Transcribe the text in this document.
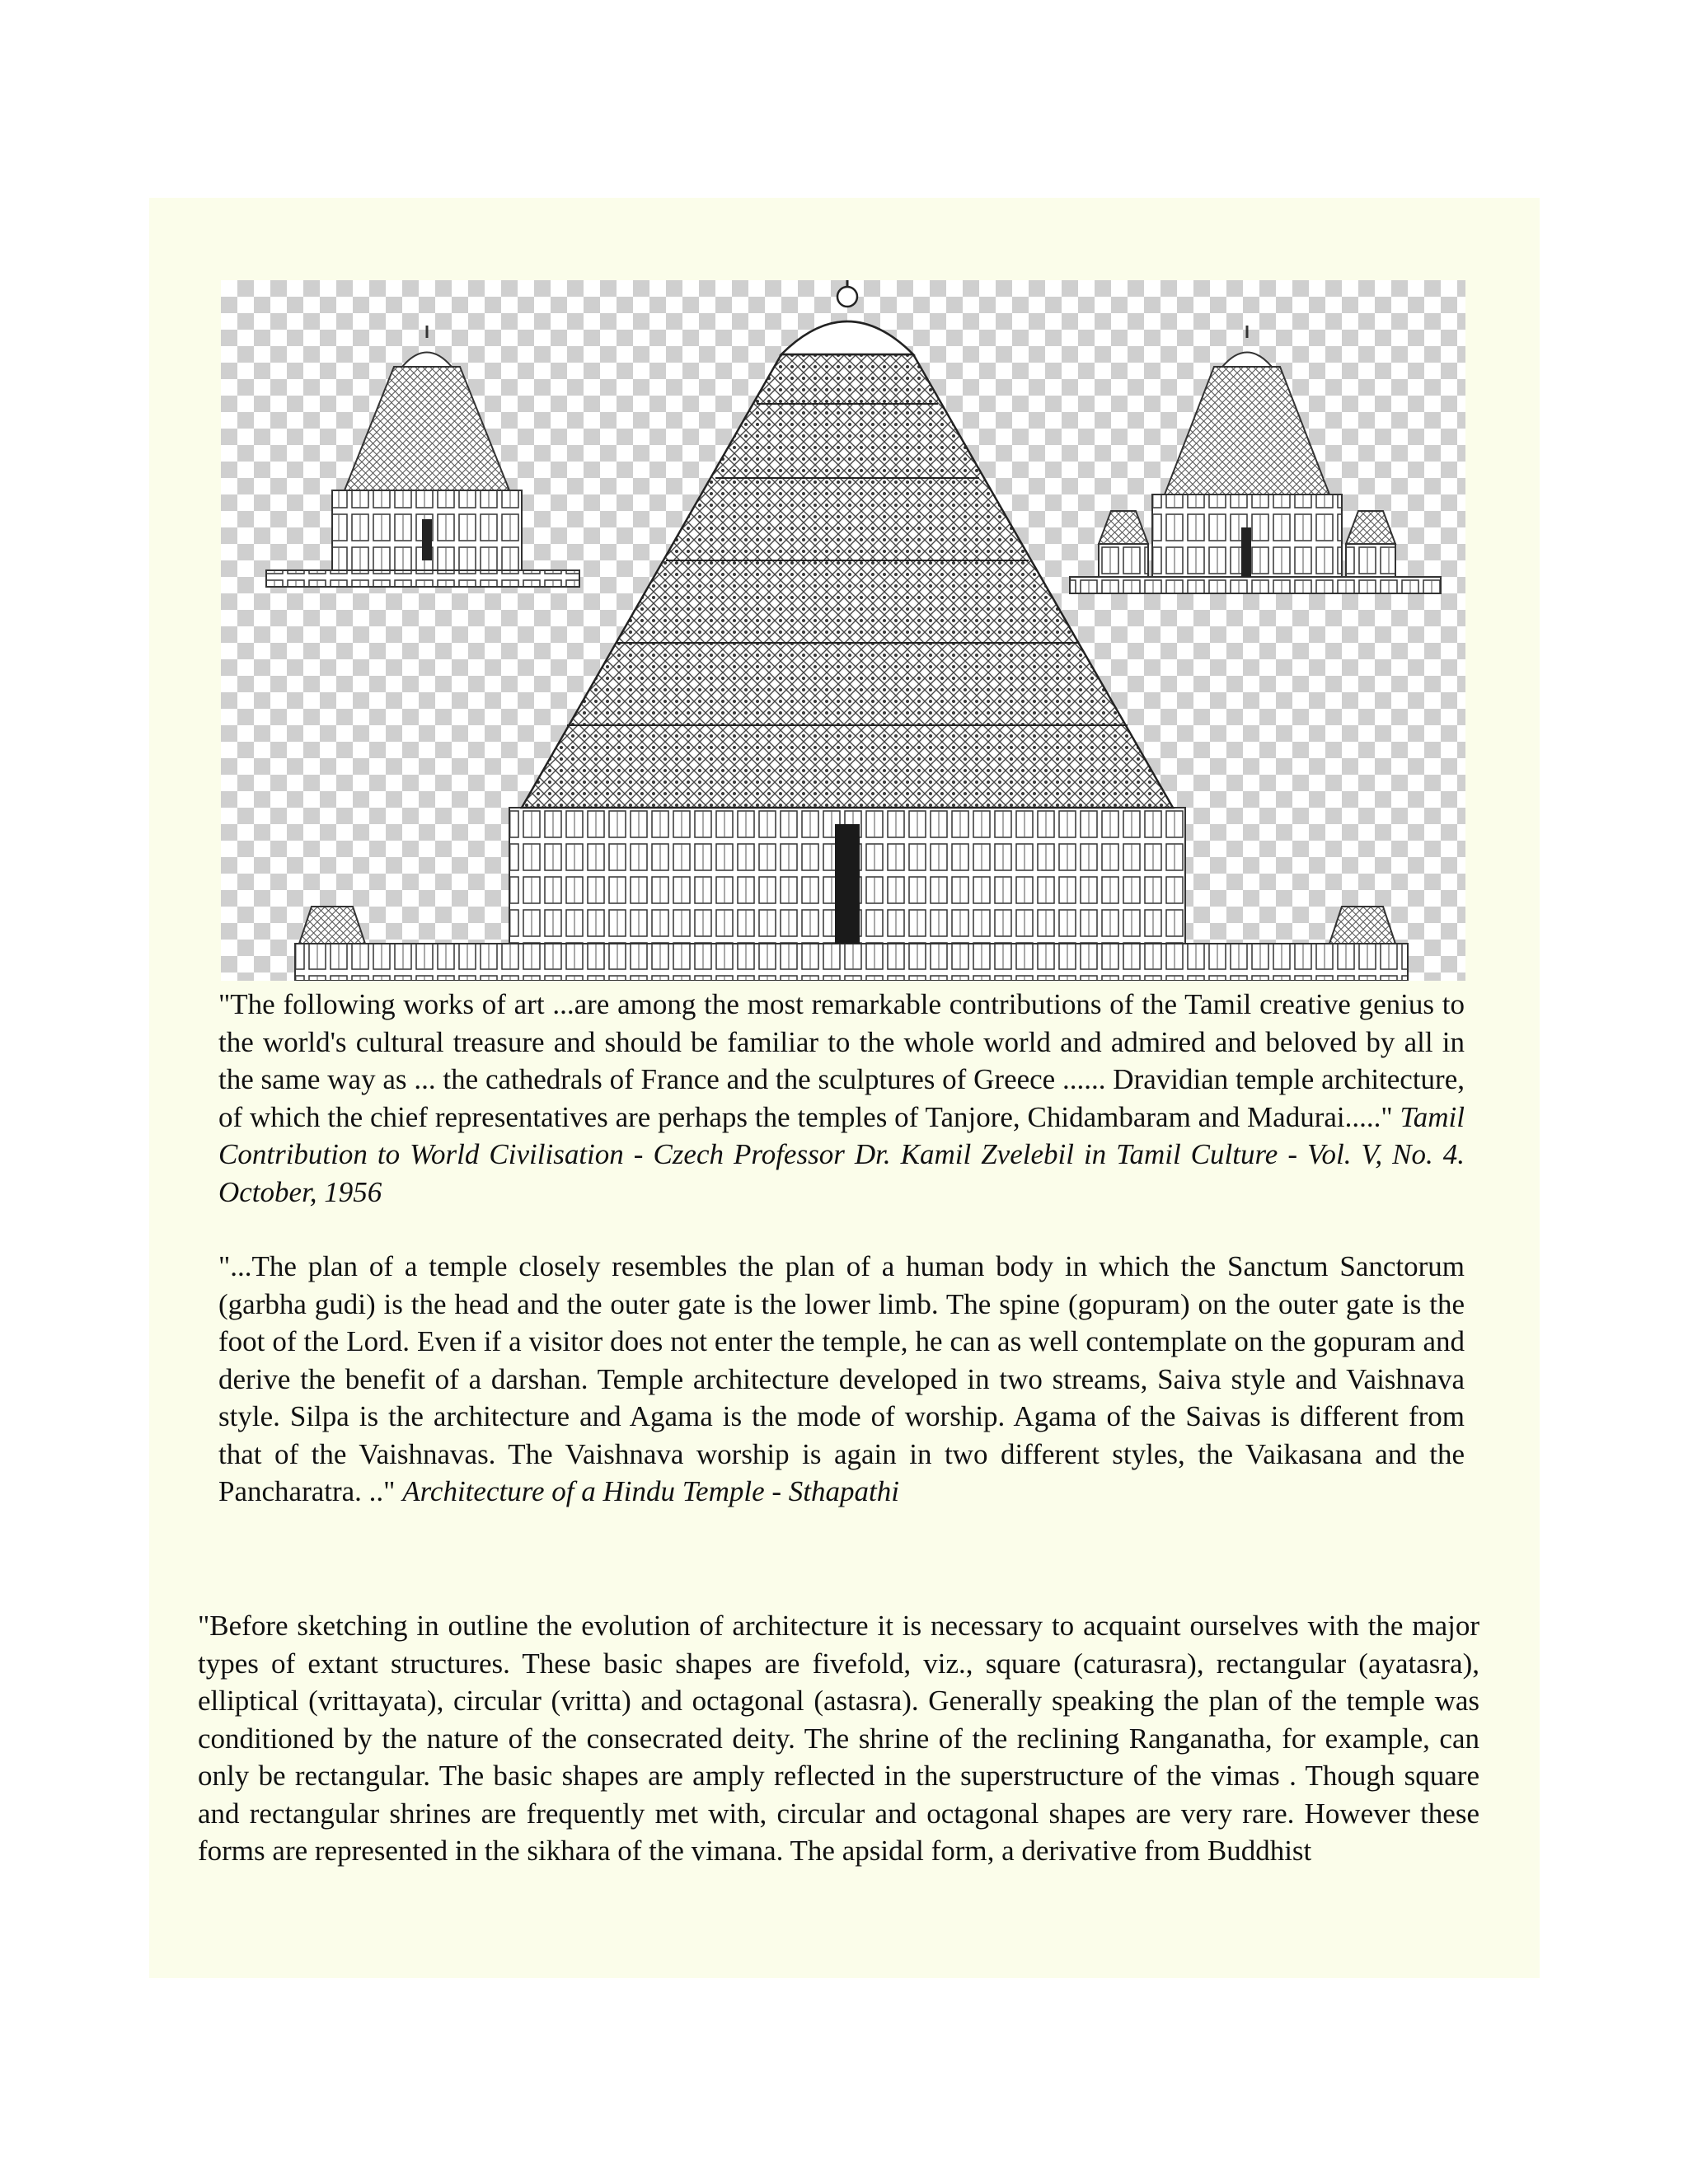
"The following works of art ...are among the most remarkable contributions of the Tamil creative genius to the world's cultural treasure and should be familiar to the whole world and admired and beloved by all in the same way as ... the cathedrals of France and the sculptures of Greece ...... Dravidian temple architecture, of which the chief representatives are perhaps the temples of Tanjore, Chidambaram and Madurai....." Tamil Contribution to World Civilisation - Czech Professor Dr. Kamil Zvelebil in Tamil Culture - Vol. V, No. 4. October, 1956

"...The plan of a temple closely resembles the plan of a human body in which the Sanctum Sanctorum (garbha gudi) is the head and the outer gate is the lower limb. The spine (gopuram) on the outer gate is the foot of the Lord. Even if a visitor does not enter the temple, he can as well contemplate on the gopuram and derive the benefit of a darshan. Temple architecture developed in two streams, Saiva style and Vaishnava style. Silpa is the architecture and Agama is the mode of worship. Agama of the Saivas is different from that of the Vaishnavas. The Vaishnava worship is again in two different styles, the Vaikasana and the Pancharatra. .." Architecture of a Hindu Temple - Sthapathi

"Before sketching in outline the evolution of architecture it is necessary to acquaint ourselves with the major types of extant structures. These basic shapes are fivefold, viz., square (caturasra), rectangular (ayatasra), elliptical (vrittayata), circular (vritta) and octagonal (astasra). Generally speaking the plan of the temple was conditioned by the nature of the consecrated deity. The shrine of the reclining Ranganatha, for example, can only be rectangular. The basic shapes are amply reflected in the superstructure of the vimas . Though square and rectangular shrines are frequently met with, circular and octagonal shapes are very rare. However these forms are represented in the sikhara of the vimana. The apsidal form, a derivative from Buddhist
